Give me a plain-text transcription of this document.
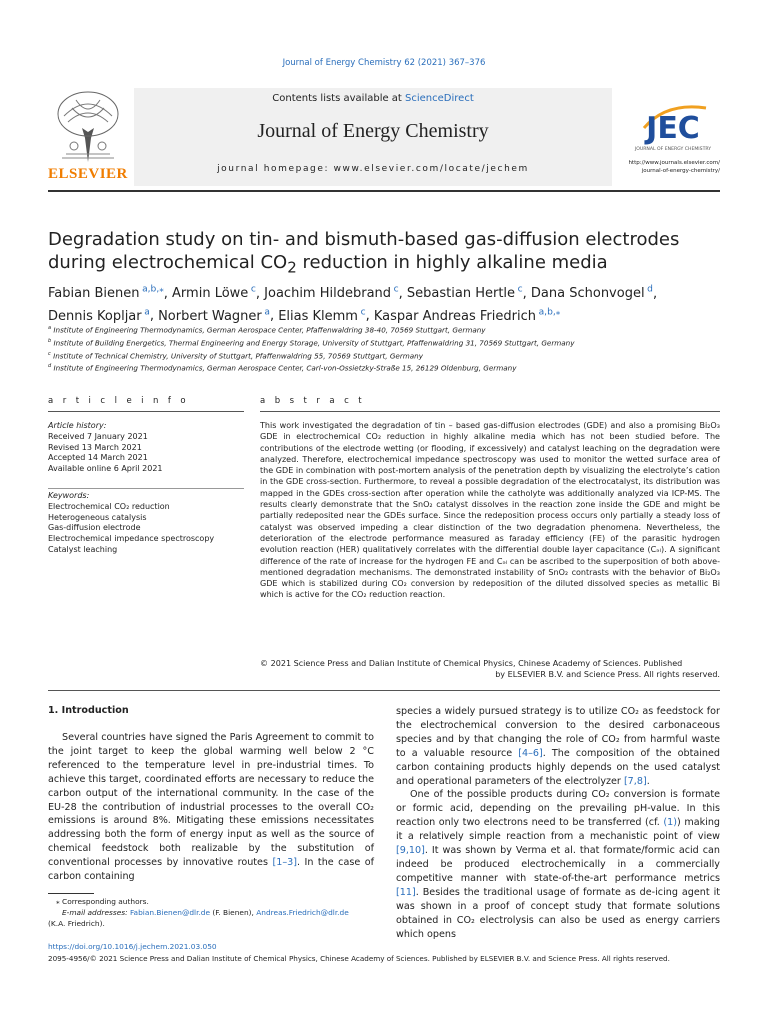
Journal of Energy Chemistry 62 (2021) 367–376
ELSEVIER
Contents lists available at ScienceDirect
Journal of Energy Chemistry
journal homepage: www.elsevier.com/locate/jechem
JEC
JOURNAL OF ENERGY CHEMISTRY
http://www.journals.elsevier.com/
journal-of-energy-chemistry/
Degradation study on tin- and bismuth-based gas-diffusion electrodes
during electrochemical $CO_2$ reduction in highly alkaline media
Fabian Bienen  $^{a,b,⁎}$, Armin Löwe  $^c$, Joachim Hildebrand  $^c$, Sebastian Hertle  $^c$, Dana Schonvogel  $^d$,
Dennis Kopljar  $^a$, Norbert Wagner  $^a$, Elias Klemm  $^c$, Kaspar Andreas Friedrich  $^{a,b,⁎}$
$^a$ Institute of Engineering Thermodynamics, German Aerospace Center, Pfaffenwaldring 38-40, 70569 Stuttgart, Germany
$^b$ Institute of Building Energetics, Thermal Engineering and Energy Storage, University of Stuttgart, Pfaffenwaldring 31, 70569 Stuttgart, Germany
$^c$ Institute of Technical Chemistry, University of Stuttgart, Pfaffenwaldring 55, 70569 Stuttgart, Germany
$^d$ Institute of Engineering Thermodynamics, German Aerospace Center, Carl-von-Ossietzky-Straße 15, 26129 Oldenburg, Germany
a r t i c l e i n f o	a b s t r a c t
Article history:
Received 7 January 2021
Revised 13 March 2021
Accepted 14 March 2021
Available online 6 April 2021
Keywords:
Electrochemical CO₂ reduction
Heterogeneous catalysis
Gas-diffusion electrode
Electrochemical impedance spectroscopy
Catalyst leaching
This work investigated the degradation of tin – based gas-diffusion electrodes (GDE) and also a promising Bi₂O₃ GDE in electrochemical CO₂ reduction in highly alkaline media which has not been studied before. The contributions of the electrode wetting (or flooding, if excessively) and catalyst leaching on the degradation were analyzed. Therefore, electrochemical impedance spectroscopy was used to monitor the wetted surface area of the GDE in combination with post-mortem analysis of the penetration depth by visualizing the electrolyte’s cation in the GDE cross-section. Furthermore, to reveal a possible degradation of the electrocatalyst, its distribution was mapped in the GDEs cross-section after operation while the catholyte was additionally analyzed via ICP-MS. The results clearly demonstrate that the SnO₂ catalyst dissolves in the reaction zone inside the GDE and might be partially redeposited near the GDEs surface. Since the redeposition process occurs only partially a steady loss of catalyst was observed impeding a clear distinction of the two degradation phenomena. Nevertheless, the deterioration of the electrode performance measured as faraday efficiency (FE) of the parasitic hydrogen evolution reaction (HER) qualitatively correlates with the differential double layer capacitance (Cₔₗ). A significant difference of the rate of increase for the hydrogen FE and Cₔₗ can be ascribed to the superposition of both above-mentioned degradation mechanisms. The demonstrated instability of SnO₂ contrasts with the behavior of Bi₂O₃ GDE which is stabilized during CO₂ conversion by redeposition of the diluted dissolved species as metallic Bi which is active for the CO₂ reduction reaction.
© 2021 Science Press and Dalian Institute of Chemical Physics, Chinese Academy of Sciences. Published
by ELSEVIER B.V. and Science Press. All rights reserved.
1. Introduction
Several countries have signed the Paris Agreement to commit to the joint target to keep the global warming well below 2 °C referenced to the temperature level in pre-industrial times. To achieve this target, coordinated efforts are necessary to reduce the carbon output of the international community. In the case of the EU-28 the contribution of industrial processes to the overall CO₂ emissions is around 8%. Mitigating these emissions necessitates addressing both the form of energy input as well as the source of chemical feedstock both realizable by the substitution of conventional processes by innovative routes [1–3]. In the case of carbon containing
species a widely pursued strategy is to utilize CO₂ as feedstock for the electrochemical conversion to the desired carbonaceous species and by that changing the role of CO₂ from harmful waste to a valuable resource [4–6]. The composition of the obtained carbon containing products highly depends on the used catalyst and operational parameters of the electrolyzer [7,8].
One of the possible products during CO₂ conversion is formate or formic acid, depending on the prevailing pH-value. In this reaction only two electrons need to be transferred (cf. (1)) making it a relatively simple reaction from a mechanistic point of view [9,10]. It was shown by Verma et al. that formate/formic acid can indeed be produced electrochemically in a commercially competitive manner with state-of-the-art performance metrics [11]. Besides the traditional usage of formate as de-icing agent it was shown in a proof of concept study that formate solutions obtained in CO₂ electrolysis can also be used as energy carriers which opens
⁎ Corresponding authors.
E-mail addresses: Fabian.Bienen@dlr.de (F. Bienen), Andreas.Friedrich@dlr.de
(K.A. Friedrich).
https://doi.org/10.1016/j.jechem.2021.03.050
2095-4956/© 2021 Science Press and Dalian Institute of Chemical Physics, Chinese Academy of Sciences. Published by ELSEVIER B.V. and Science Press. All rights reserved.
